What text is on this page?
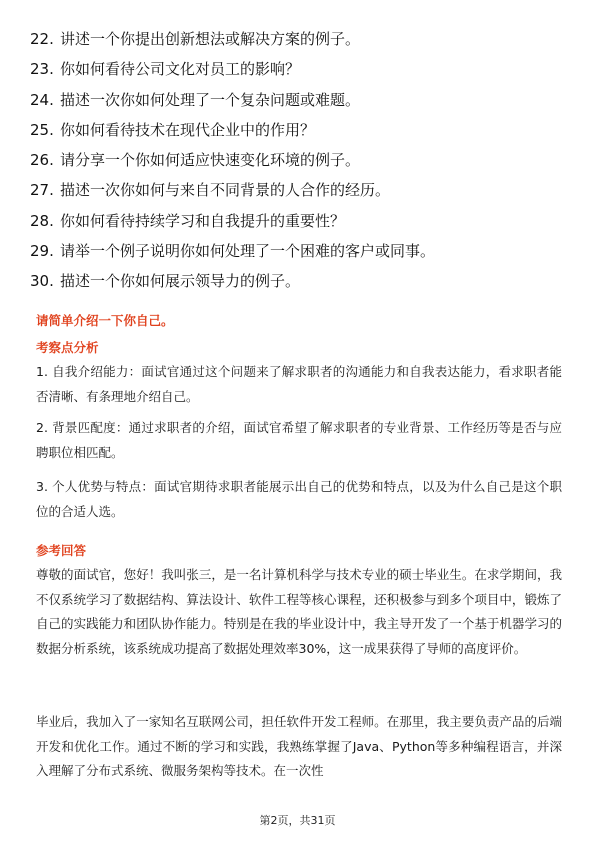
22. 讲述一个你提出创新想法或解决方案的例子。
23. 你如何看待公司文化对员工的影响？
24. 描述一次你如何处理了一个复杂问题或难题。
25. 你如何看待技术在现代企业中的作用？
26. 请分享一个你如何适应快速变化环境的例子。
27. 描述一次你如何与来自不同背景的人合作的经历。
28. 你如何看待持续学习和自我提升的重要性？
29. 请举一个例子说明你如何处理了一个困难的客户或同事。
30. 描述一个你如何展示领导力的例子。
请简单介绍一下你自己。
考察点分析
1. 自我介绍能力：面试官通过这个问题来了解求职者的沟通能力和自我表达能力，看求职者能否清晰、有条理地介绍自己。
2. 背景匹配度：通过求职者的介绍，面试官希望了解求职者的专业背景、工作经历等是否与应聘职位相匹配。
3. 个人优势与特点：面试官期待求职者能展示出自己的优势和特点，以及为什么自己是这个职位的合适人选。
参考回答
尊敬的面试官，您好！我叫张三，是一名计算机科学与技术专业的硕士毕业生。在求学期间，我不仅系统学习了数据结构、算法设计、软件工程等核心课程，还积极参与到多个项目中，锻炼了自己的实践能力和团队协作能力。特别是在我的毕业设计中，我主导开发了一个基于机器学习的数据分析系统，该系统成功提高了数据处理效率30%，这一成果获得了导师的高度评价。
毕业后，我加入了一家知名互联网公司，担任软件开发工程师。在那里，我主要负责产品的后端开发和优化工作。通过不断的学习和实践，我熟练掌握了Java、Python等多种编程语言，并深入理解了分布式系统、微服务架构等技术。在一次性
第2页，共31页
